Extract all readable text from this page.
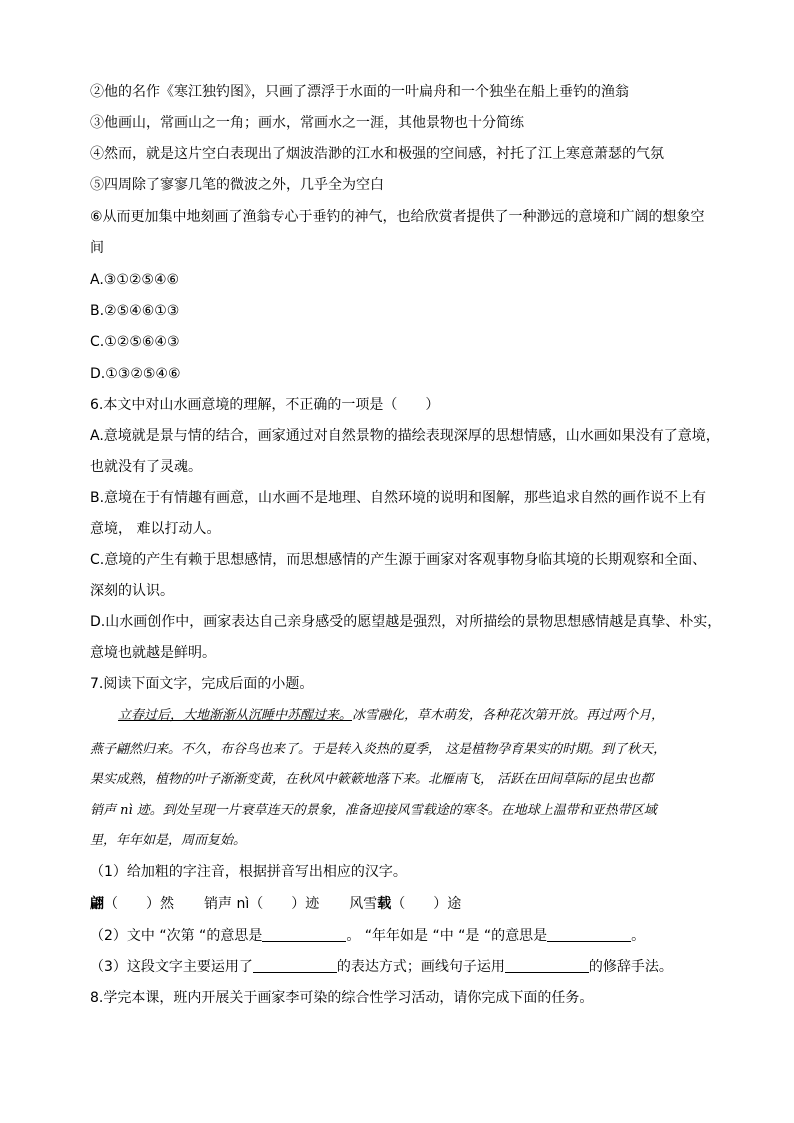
②他的名作《寒江独钓图》，只画了漂浮于水面的一叶扁舟和一个独坐在船上垂钓的渔翁
③他画山，常画山之一角；画水，常画水之一涯，其他景物也十分简练
④然而，就是这片空白表现出了烟波浩渺的江水和极强的空间感，衬托了江上寒意萧瑟的气氛
⑤四周除了寥寥几笔的微波之外，几乎全为空白
⑥从而更加集中地刻画了渔翁专心于垂钓的神气，也给欣赏者提供了一种渺远的意境和广阔的想象空
间
A.③①②⑤④⑥
B.②⑤④⑥①③
C.①②⑤⑥④③
D.①③②⑤④⑥
6.本文中对山水画意境的理解，不正确的一项是（　　）
A.意境就是景与情的结合，画家通过对自然景物的描绘表现深厚的思想情感，山水画如果没有了意境，
也就没有了灵魂。
B.意境在于有情趣有画意，山水画不是地理、自然环境的说明和图解，那些追求自然的画作说不上有
意境， 难以打动人。
C.意境的产生有赖于思想感情，而思想感情的产生源于画家对客观事物身临其境的长期观察和全面、
深刻的认识。
D.山水画创作中，画家表达自己亲身感受的愿望越是强烈，对所描绘的景物思想感情越是真挚、朴实，
意境也就越是鲜明。
7.阅读下面文字，完成后面的小题。
立春过后，大地渐渐从沉睡中苏醒过来。冰雪融化，草木萌发，各种花次第开放。再过两个月，
燕子翩然归来。不久，布谷鸟也来了。于是转入炎热的夏季， 这是植物孕育果实的时期。到了秋天，
果实成熟，植物的叶子渐渐变黄，在秋风中簌簌地落下来。北雁南飞， 活跃在田间草际的昆虫也都
销声 nì 迹。到处呈现一片衰草连天的景象，准备迎接风雪载途的寒冬。在地球上温带和亚热带区域
里，年年如是，周而复始。
（1）给加粗的字注音，根据拼音写出相应的汉字。
翩（　　）然 销声 nì（　　）迹 风雪载（　　）途
（2）文中 “次第 “的意思是	。 “年年如是 “中 “是 “的意思是	。
（3）这段文字主要运用了	的表达方式；画线句子运用	的修辞手法。
8.学完本课，班内开展关于画家李可染的综合性学习活动，请你完成下面的任务。
